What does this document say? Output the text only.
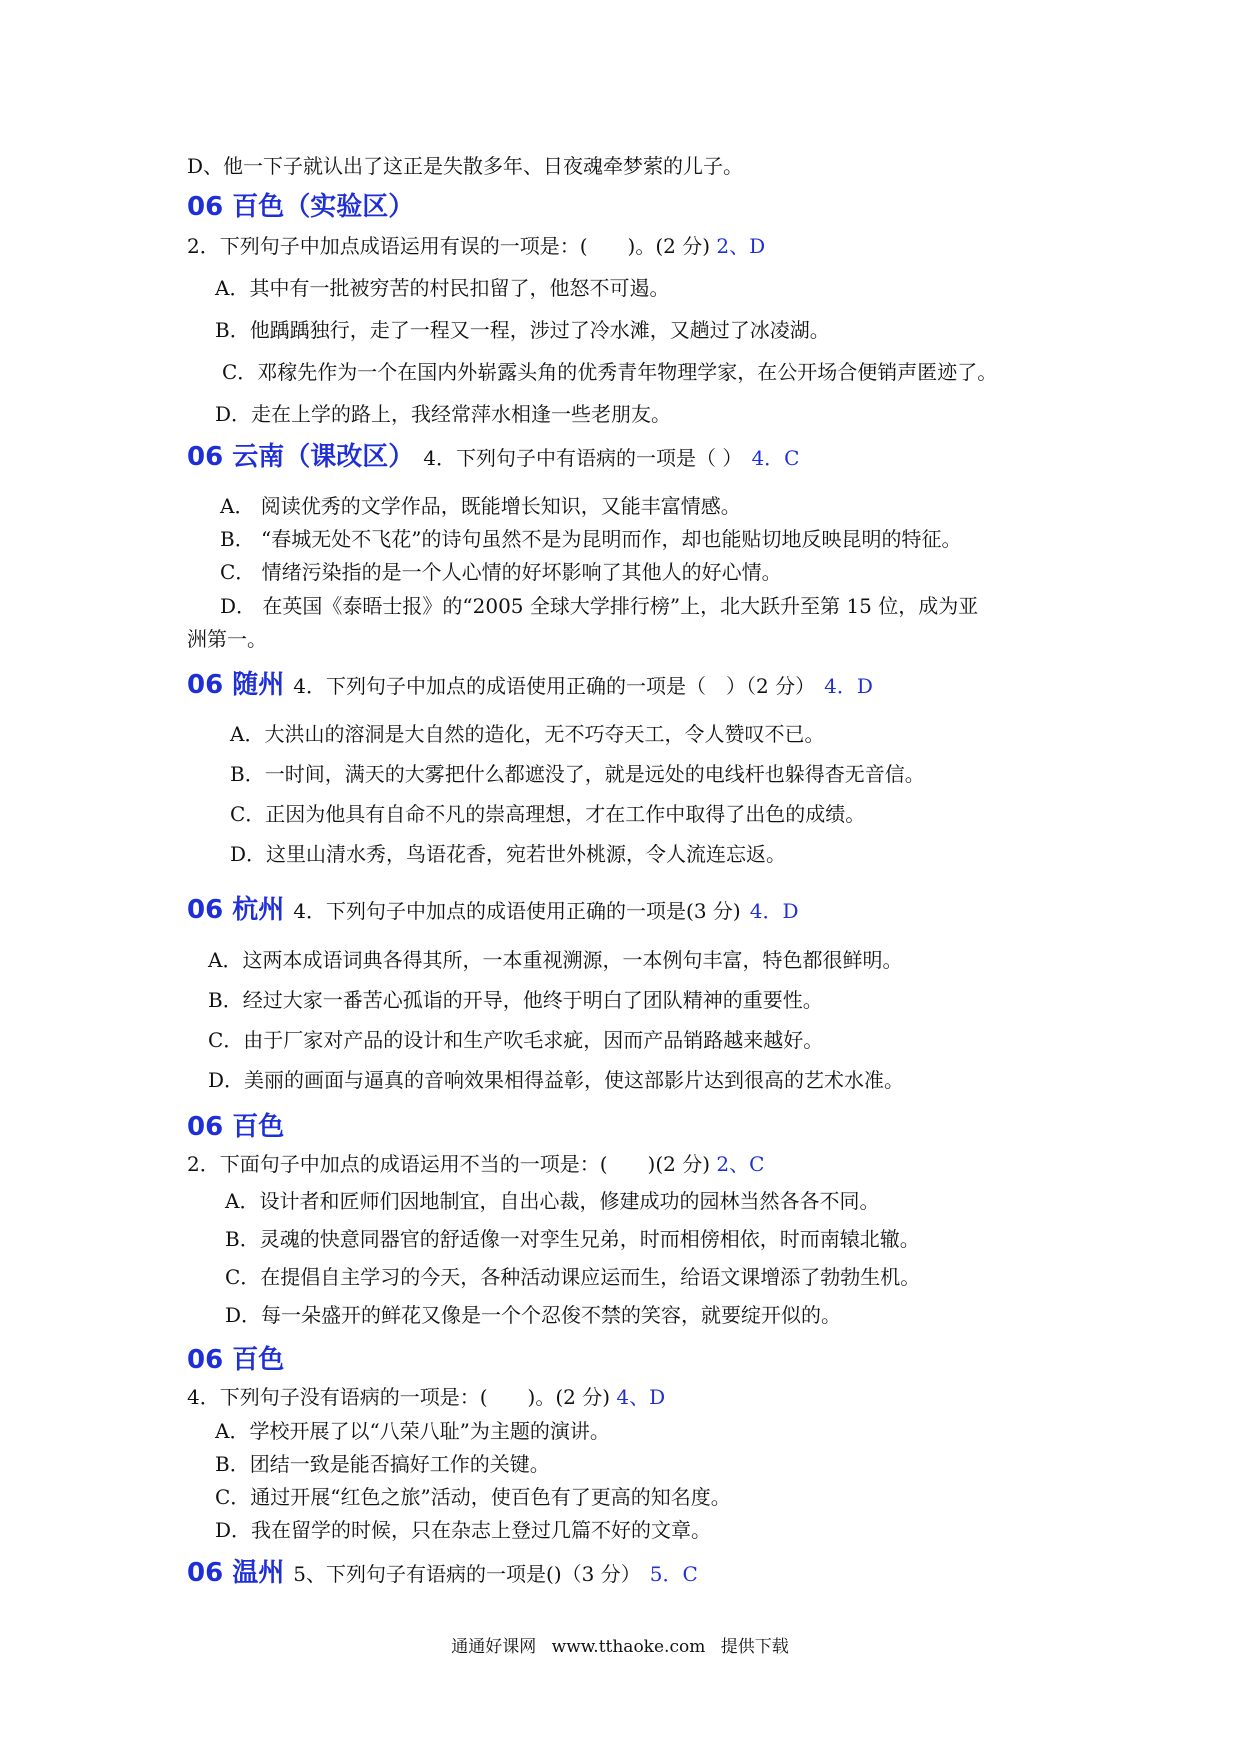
D、他一下子就认出了这正是失散多年、日夜魂牵梦萦的儿子。
06 百色（实验区）
2．下列句子中加点成语运用有误的一项是：(　　)。(2 分) 2、D
A．其中有一批被穷苦的村民扣留了，他怒不可遏。
B．他踽踽独行，走了一程又一程，涉过了冷水滩，又趟过了冰凌湖。
C．邓稼先作为一个在国内外崭露头角的优秀青年物理学家，在公开场合便销声匿迹了。
D．走在上学的路上，我经常萍水相逢一些老朋友。
06 云南（课改区） 4．下列句子中有语病的一项是（ ） 4．C
A． 阅读优秀的文学作品，既能增长知识，又能丰富情感。
B． “春城无处不飞花”的诗句虽然不是为昆明而作，却也能贴切地反映昆明的特征。
C． 情绪污染指的是一个人心情的好坏影响了其他人的好心情。
D． 在英国《泰晤士报》的“2005 全球大学排行榜”上，北大跃升至第 15 位，成为亚
洲第一。
06 随州 4．下列句子中加点的成语使用正确的一项是（　）（2 分） 4．D
A．大洪山的溶洞是大自然的造化，无不巧夺天工，令人赞叹不已。
B．一时间，满天的大雾把什么都遮没了，就是远处的电线杆也躲得杳无音信。
C．正因为他具有自命不凡的崇高理想，才在工作中取得了出色的成绩。
D．这里山清水秀，鸟语花香，宛若世外桃源，令人流连忘返。
06 杭州 4．下列句子中加点的成语使用正确的一项是(3 分) 4．D
A．这两本成语词典各得其所，一本重视溯源，一本例句丰富，特色都很鲜明。
B．经过大家一番苦心孤诣的开导，他终于明白了团队精神的重要性。
C．由于厂家对产品的设计和生产吹毛求疵，因而产品销路越来越好。
D．美丽的画面与逼真的音响效果相得益彰，使这部影片达到很高的艺术水准。
06 百色
2．下面句子中加点的成语运用不当的一项是：(　　)(2 分) 2、C
A．设计者和匠师们因地制宜，自出心裁，修建成功的园林当然各各不同。
B．灵魂的快意同器官的舒适像一对孪生兄弟，时而相傍相依，时而南辕北辙。
C．在提倡自主学习的今天，各种活动课应运而生，给语文课增添了勃勃生机。
D．每一朵盛开的鲜花又像是一个个忍俊不禁的笑容，就要绽开似的。
06 百色
4．下列句子没有语病的一项是：(　　)。(2 分) 4、D
A．学校开展了以“八荣八耻”为主题的演讲。
B．团结一致是能否搞好工作的关键。
C．通过开展“红色之旅”活动，使百色有了更高的知名度。
D．我在留学的时候，只在杂志上登过几篇不好的文章。
06 温州 5、下列句子有语病的一项是()（3 分） 5．C
通通好课网 www.tthaoke.com 提供下载
